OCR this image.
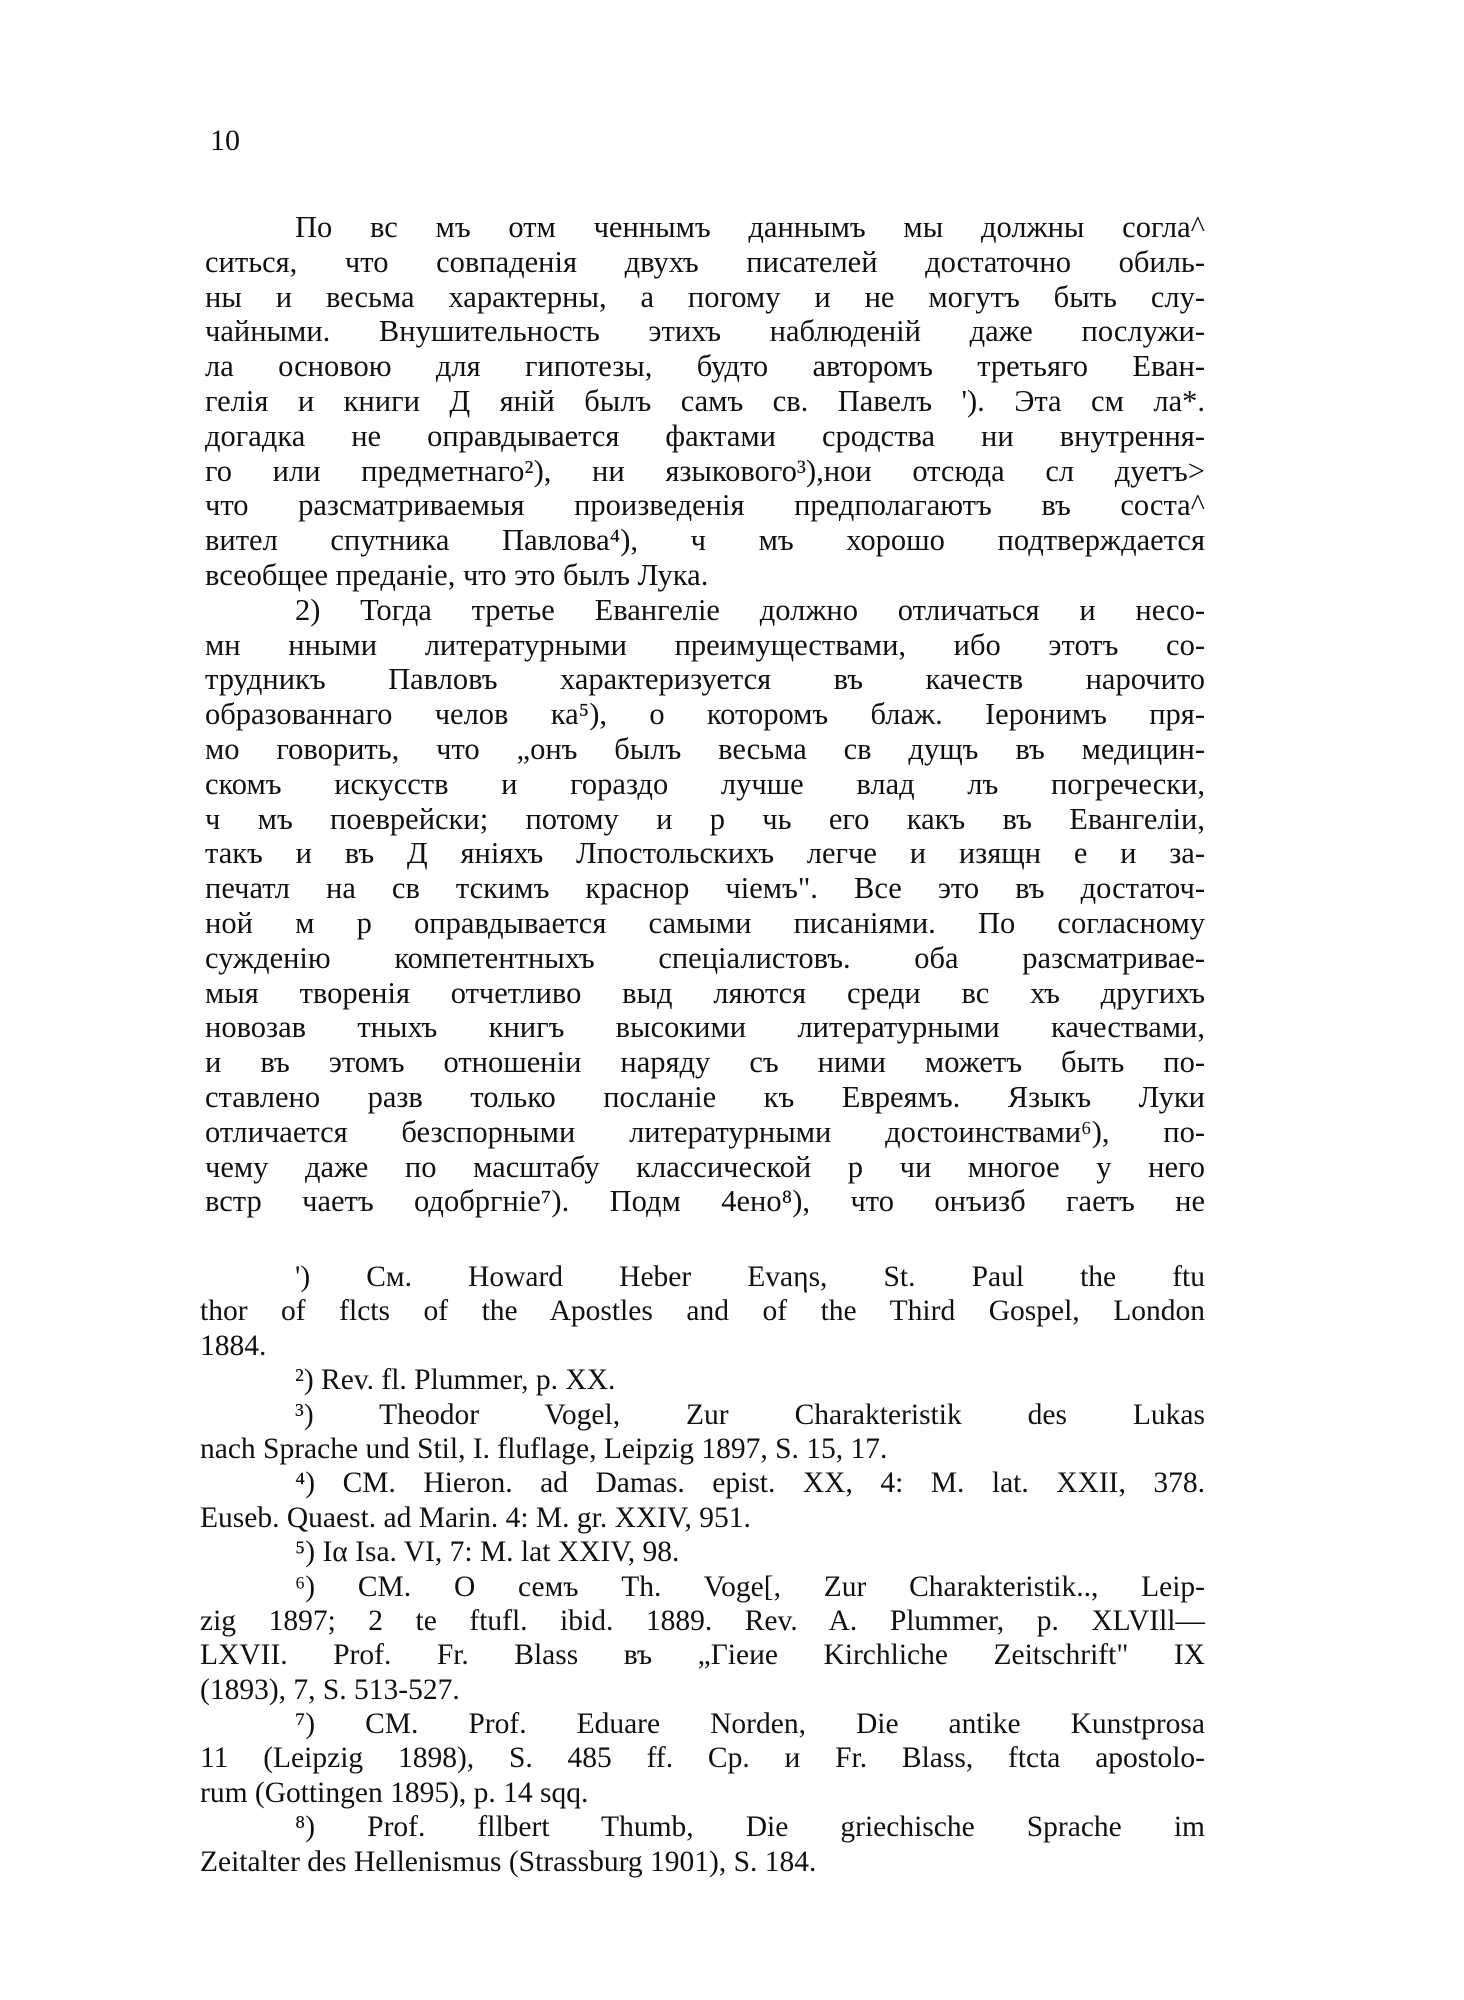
10
По вс мъ отм ченнымъ даннымъ мы должны согла^
ситься, что совпаденія двухъ писателей достаточно обиль-
ны и весьма характерны, а погому и не могутъ быть слу-
чайными. Внушительность этихъ наблюденій даже послужи-
ла основою для гипотезы, будто авторомъ третьяго Еван-
гелія и книги Д яній былъ самъ св. Павелъ '). Эта см ла*.
догадка не оправдывается фактами сродства ни внутрення-
го или предметнаго²), ни языкового³),нои отсюда сл дуетъ>
что разсматриваемыя произведенія предполагаютъ въ соста^
вител спутника Павлова⁴), ч мъ хорошо подтверждается
всеобщее преданіе, что это былъ Лука.
2) Тогда третье Евангеліе должно отличаться и несо-
мн нными литературными преимуществами, ибо этотъ со-
трудникъ Павловъ характеризуется въ качеств нарочито
образованнаго челов ка⁵), о которомъ блаж. Іеронимъ пря-
мо говорить, что „онъ былъ весьма св дущъ въ медицин-
скомъ искусств и гораздо лучше влад лъ погречески,
ч мъ поеврейски; потому и р чь его какъ въ Евангеліи,
такъ и въ Д яніяхъ Лпостольскихъ легче и изящн е и за-
печатл на св тскимъ краснор чіемъ". Все это въ достаточ-
ной м р оправдывается самыми писаніями. По согласному
сужденію компетентныхъ спеціалистовъ. оба разсматривае-
мыя творенія отчетливо выд ляются среди вс хъ другихъ
новозав тныхъ книгъ высокими литературными качествами,
и въ этомъ отношеніи наряду съ ними можетъ быть по-
ставлено разв только посланіе къ Евреямъ. Языкъ Луки
отличается безспорными литературными достоинствами⁶), по-
чему даже по масштабу классической р чи многое у него
встр чаетъ одобргніе⁷). Подм 4ено⁸), что онъизб гаетъ не
') См. Howard Heber Evaηs, St. Paul the ftu
thor of flcts of the Apostles and of the Third Gospel, London
1884.
²) Rev. fl. Plummer, p. XX.
³) Theodor Vogel, Zur Charakteristik des Lukas
nach Sprache und Stil, I. fluflage, Leipzig 1897, S. 15, 17.
⁴) CM. Hieron. ad Damas. epist. XX, 4: M. lat. XXII, 378.
Euseb. Quaest. ad Marin. 4: M. gr. XXIV, 951.
⁵) Iα Isa. VI, 7: M. lat XXIV, 98.
⁶) CM. O семъ Th. Voge[, Zur Charakteristik.., Leip-
zig 1897; 2 te ftufl. ibid. 1889. Rev. A. Plummer, p. XLVIll—
LXVII. Prof. Fr. Blass въ „Гіеие Kirchliche Zeitschrift" IX
(1893), 7, S. 513-527.
⁷) CM. Prof. Eduare Norden, Die antike Kunstprosa
11 (Leipzig 1898), S. 485 ff. Cp. и Fr. Blass, ftcta apostolo-
rum (Gottingen 1895), p. 14 sqq.
⁸) Prof. fllbert Thumb, Die griechische Sprache im
Zeitalter des Hellenismus (Strassburg 1901), S. 184.
